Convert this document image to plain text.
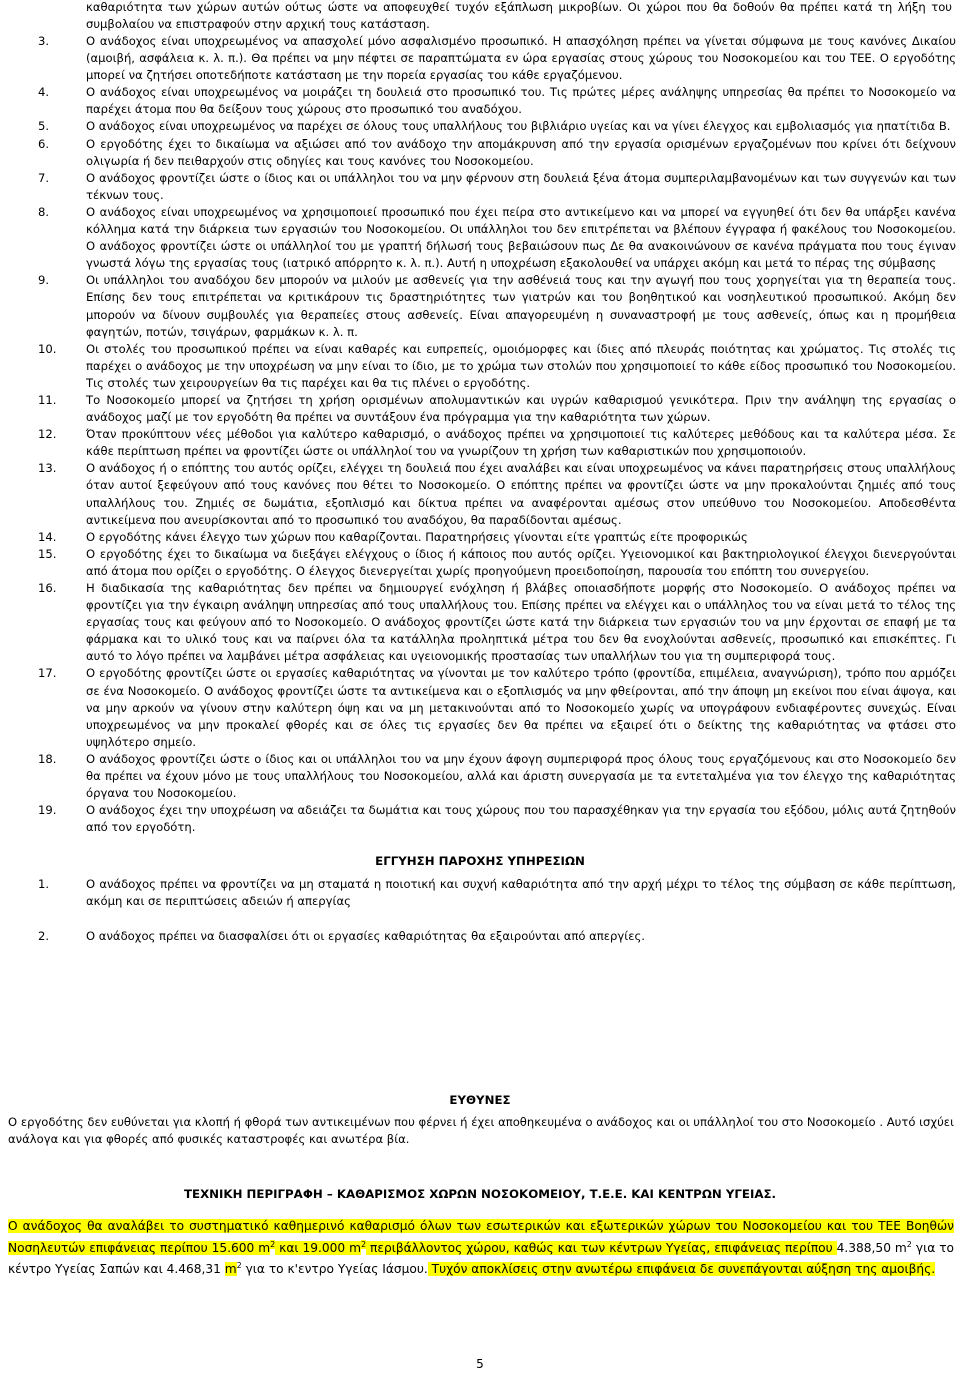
καθαριότητα των χώρων αυτών ούτως ώστε να αποφευχθεί τυχόν εξάπλωση μικροβίων. Οι χώροι που θα δοθούν θα πρέπει κατά τη λήξη του συμβολαίου να επιστραφούν στην αρχική τους κατάσταση.

3.	Ο ανάδοχος είναι υποχρεωμένος να απασχολεί μόνο ασφαλισμένο προσωπικό. Η απασχόληση πρέπει να γίνεται σύμφωνα με τους κανόνες Δικαίου (αμοιβή, ασφάλεια κ. λ. π.). Θα πρέπει να μην πέφτει σε παραπτώματα εν ώρα εργασίας στους χώρους του Νοσοκομείου και του ΤΕΕ. Ο εργοδότης μπορεί να ζητήσει οποτεδήποτε κατάσταση με την πορεία εργασίας του κάθε εργαζόμενου.
4.	Ο ανάδοχος είναι υποχρεωμένος να μοιράζει τη δουλειά στο προσωπικό του. Τις πρώτες μέρες ανάληψης υπηρεσίας θα πρέπει το Νοσοκομείο να παρέχει άτομα που θα δείξουν τους χώρους στο προσωπικό του αναδόχου.
5.	Ο ανάδοχος είναι υποχρεωμένος να παρέχει σε όλους τους υπαλλήλους του βιβλιάριο υγείας και να γίνει έλεγχος και εμβολιασμός για ηπατίτιδα Β.
6.	Ο εργοδότης έχει το δικαίωμα να αξιώσει από τον ανάδοχο την απομάκρυνση από την εργασία ορισμένων εργαζομένων που κρίνει ότι δείχνουν ολιγωρία ή δεν πειθαρχούν στις οδηγίες και τους κανόνες του Νοσοκομείου.
7.	Ο ανάδοχος φροντίζει ώστε ο ίδιος και οι υπάλληλοι του να μην φέρνουν στη δουλειά ξένα άτομα συμπεριλαμβανομένων και των συγγενών και των τέκνων τους.
8.	Ο ανάδοχος είναι υποχρεωμένος να χρησιμοποιεί προσωπικό που έχει πείρα στο αντικείμενο και να μπορεί να εγγυηθεί ότι δεν θα υπάρξει κανένα κόλλημα κατά την διάρκεια των εργασιών του Νοσοκομείου. Οι υπάλληλοι του δεν επιτρέπεται να βλέπουν έγγραφα ή φακέλους του Νοσοκομείου. Ο ανάδοχος φροντίζει ώστε οι υπάλληλοί του με γραπτή δήλωσή τους βεβαιώσουν πως Δε θα ανακοινώνουν σε κανένα πράγματα που τους έγιναν γνωστά λόγω της εργασίας τους (ιατρικό απόρρητο κ. λ. π.). Αυτή η υποχρέωση εξακολουθεί να υπάρχει ακόμη και μετά το πέρας της σύμβασης
9.	Οι υπάλληλοι του αναδόχου δεν μπορούν να μιλούν με ασθενείς για την ασθένειά τους και την αγωγή που τους χορηγείται για τη θεραπεία τους. Επίσης δεν τους επιτρέπεται να κριτικάρουν τις δραστηριότητες των γιατρών και του βοηθητικού και νοσηλευτικού προσωπικού. Ακόμη δεν μπορούν να δίνουν συμβουλές για θεραπείες στους ασθενείς. Είναι απαγορευμένη η συναναστροφή με τους ασθενείς, όπως και η προμήθεια φαγητών, ποτών, τσιγάρων, φαρμάκων κ. λ. π.
10.	Οι στολές του προσωπικού πρέπει να είναι καθαρές και ευπρεπείς, ομοιόμορφες και ίδιες από πλευράς ποιότητας και χρώματος. Τις στολές τις παρέχει ο ανάδοχος με την υποχρέωση να μην είναι το ίδιο, με το χρώμα των στολών που χρησιμοποιεί το κάθε είδος προσωπικό του Νοσοκομείου. Τις στολές των χειρουργείων θα τις παρέχει και θα τις πλένει ο εργοδότης.
11.	Το Νοσοκομείο μπορεί να ζητήσει τη χρήση ορισμένων απολυμαντικών και υγρών καθαρισμού γενικότερα. Πριν την ανάληψη της εργασίας ο ανάδοχος μαζί με τον εργοδότη θα πρέπει να συντάξουν ένα πρόγραμμα για την καθαριότητα των χώρων.
12.	Όταν προκύπτουν νέες μέθοδοι για καλύτερο καθαρισμό, ο ανάδοχος πρέπει να χρησιμοποιεί τις καλύτερες μεθόδους και τα καλύτερα μέσα. Σε κάθε περίπτωση πρέπει να φροντίζει ώστε οι υπάλληλοί του να γνωρίζουν τη χρήση των καθαριστικών που χρησιμοποιούν.
13.	Ο ανάδοχος ή ο επόπτης του αυτός ορίζει, ελέγχει τη δουλειά που έχει αναλάβει και είναι υποχρεωμένος να κάνει παρατηρήσεις στους υπαλλήλους όταν αυτοί ξεφεύγουν από τους κανόνες που θέτει το Νοσοκομείο. Ο επόπτης πρέπει να φροντίζει ώστε να μην προκαλούνται ζημιές από τους υπαλλήλους του. Ζημιές σε δωμάτια, εξοπλισμό και δίκτυα πρέπει να αναφέρονται αμέσως στον υπεύθυνο του Νοσοκομείου. Αποδεσθέντα αντικείμενα που ανευρίσκονται από το προσωπικό του αναδόχου, θα παραδίδονται αμέσως.
14.	Ο εργοδότης κάνει έλεγχο των χώρων που καθαρίζονται. Παρατηρήσεις γίνονται είτε γραπτώς είτε προφορικώς
15.	Ο εργοδότης έχει το δικαίωμα να διεξάγει ελέγχους ο ίδιος ή κάποιος που αυτός ορίζει. Υγειονομικοί και βακτηριολογικοί έλεγχοι διενεργούνται από άτομα που ορίζει ο εργοδότης. Ο έλεγχος διενεργείται χωρίς προηγούμενη προειδοποίηση, παρουσία του επόπτη του συνεργείου.
16.	Η διαδικασία της καθαριότητας δεν πρέπει να δημιουργεί ενόχληση ή βλάβες οποιασδήποτε μορφής στο Νοσοκομείο. Ο ανάδοχος πρέπει να φροντίζει για την έγκαιρη ανάληψη υπηρεσίας από τους υπαλλήλους του. Επίσης πρέπει να ελέγχει και ο υπάλληλος του να είναι μετά το τέλος της εργασίας τους και φεύγουν από το Νοσοκομείο. Ο ανάδοχος φροντίζει ώστε κατά την διάρκεια των εργασιών του να μην έρχονται σε επαφή με τα φάρμακα και το υλικό τους και να παίρνει όλα τα κατάλληλα προληπτικά μέτρα του δεν θα ενοχλούνται ασθενείς, προσωπικό και επισκέπτες. Γι αυτό το λόγο πρέπει να λαμβάνει μέτρα ασφάλειας και υγειονομικής προστασίας των υπαλλήλων του για τη συμπεριφορά τους.
17.	Ο εργοδότης φροντίζει ώστε οι εργασίες καθαριότητας να γίνονται με τον καλύτερο τρόπο (φροντίδα, επιμέλεια, αναγνώριση), τρόπο που αρμόζει σε ένα Νοσοκομείο. Ο ανάδοχος φροντίζει ώστε τα αντικείμενα και ο εξοπλισμός να μην φθείρονται, από την άποψη μη εκείνοι που είναι άψογα, και να μην αρκούν να γίνουν στην καλύτερη όψη και να μη μετακινούνται από το Νοσοκομείο χωρίς να υπογράφουν ενδιαφέροντες συνεχώς. Είναι υποχρεωμένος να μην προκαλεί φθορές και σε όλες τις εργασίες δεν θα πρέπει να εξαιρεί ότι ο δείκτης της καθαριότητας να φτάσει στο υψηλότερο σημείο.
18.	Ο ανάδοχος φροντίζει ώστε ο ίδιος και οι υπάλληλοι του να μην έχουν άφογη συμπεριφορά προς όλους τους εργαζόμενους και στο Νοσοκομείο δεν θα πρέπει να έχουν μόνο με τους υπαλλήλους του Νοσοκομείου, αλλά και άριστη συνεργασία με τα εντεταλμένα για τον έλεγχο της καθαριότητας όργανα του Νοσοκομείου.
19.	Ο ανάδοχος έχει την υποχρέωση να αδειάζει τα δωμάτια και τους χώρους που του παρασχέθηκαν για την εργασία του εξόδου, μόλις αυτά ζητηθούν από τον εργοδότη.
ΕΓΓΥΗΣΗ ΠΑΡΟΧΗΣ ΥΠΗΡΕΣΙΩΝ
1.	Ο ανάδοχος πρέπει να φροντίζει να μη σταματά η ποιοτική και συχνή καθαριότητα από την αρχή μέχρι το τέλος της σύμβαση σε κάθε περίπτωση, ακόμη και σε περιπτώσεις αδειών ή απεργίας
2.	Ο ανάδοχος πρέπει να διασφαλίσει ότι οι εργασίες καθαριότητας θα εξαιρούνται από απεργίες.
ΕΥΘΥΝΕΣ

Ο εργοδότης δεν ευθύνεται για κλοπή ή φθορά των αντικειμένων που φέρνει ή έχει αποθηκευμένα ο ανάδοχος και οι υπάλληλοί του στο Νοσοκομείο . Αυτό ισχύει ανάλογα και για φθορές από φυσικές καταστροφές και ανωτέρα βία.

ΤΕΧΝΙΚΗ ΠΕΡΙΓΡΑΦΗ – ΚΑΘΑΡΙΣΜΟΣ ΧΩΡΩΝ ΝΟΣΟΚΟΜΕΙΟΥ, Τ.Ε.Ε. ΚΑΙ ΚΕΝΤΡΩΝ ΥΓΕΙΑΣ.

Ο ανάδοχος θα αναλάβει το συστηματικό καθημερινό καθαρισμό όλων των εσωτερικών και εξωτερικών χώρων του Νοσοκομείου και του ΤΕΕ Βοηθών Νοσηλευτών επιφάνειας περίπου 15.600 $m^2$ και 19.000 $m^2$ περιβάλλοντος χώρου, καθώς και των κέντρων Υγείας, επιφάνειας περίπου 4.388,50 $m^2$ για το κέντρο Υγείας Σαπών και 4.468,31 $m^2$ για το κ'εντρο Υγείας Ιάσμου. Τυχόν αποκλίσεις στην ανωτέρω επιφάνεια δε συνεπάγονται αύξηση της αμοιβής.

5
